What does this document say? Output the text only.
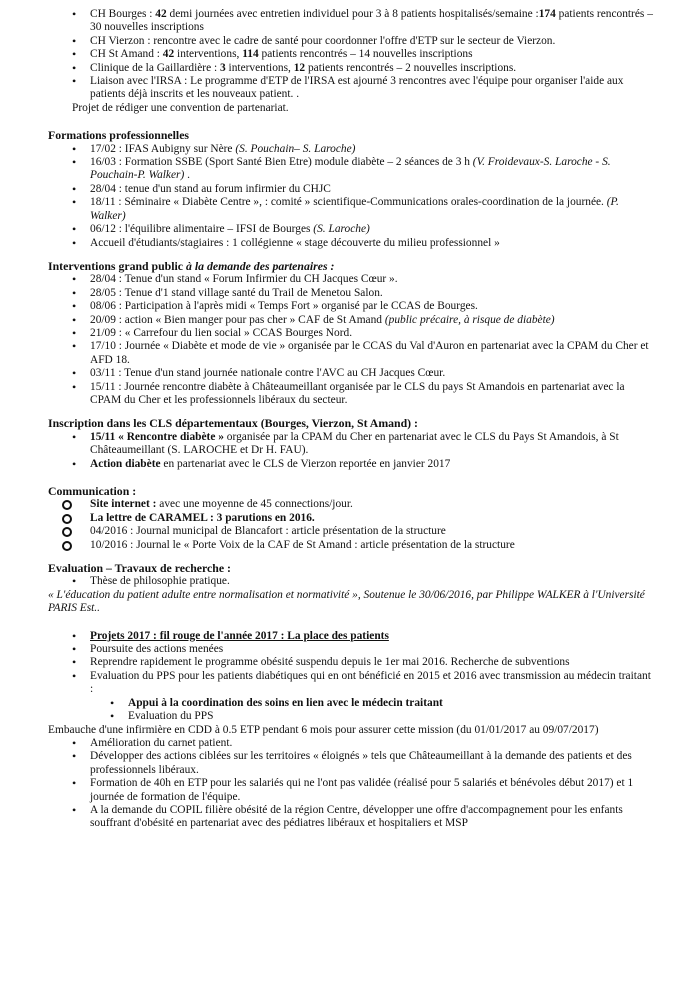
• CH Bourges : 42 demi journées avec entretien individuel pour 3 à 8 patients hospitalisés/semaine :174 patients rencontrés – 30 nouvelles inscriptions
• CH Vierzon : rencontre avec le cadre de santé pour coordonner l'offre d'ETP sur le secteur de Vierzon.
• CH St Amand : 42 interventions, 114 patients rencontrés – 14 nouvelles inscriptions
• Clinique de la Gaillardière : 3 interventions, 12 patients rencontrés – 2 nouvelles inscriptions.
• Liaison avec l'IRSA : Le programme d'ETP de l'IRSA est ajourné 3 rencontres avec l'équipe pour organiser l'aide aux patients déjà inscrits et les nouveaux patient. .

Projet de rédiger une convention de partenariat.

Formations professionnelles

• 17/02 : IFAS Aubigny sur Nère (S. Pouchain– S. Laroche)
• 16/03 : Formation SSBE (Sport Santé Bien Etre) module diabète – 2 séances de 3 h (V. Froidevaux-S. Laroche - S. Pouchain-P. Walker) .
• 28/04 : tenue d'un stand au forum infirmier du CHJC
• 18/11 : Séminaire « Diabète Centre », : comité » scientifique-Communications orales-coordination de la journée. (P. Walker)
• 06/12 : l'équilibre alimentaire – IFSI de Bourges (S. Laroche)
• Accueil d'étudiants/stagiaires : 1 collégienne « stage découverte du milieu professionnel »

Interventions grand public à la demande des partenaires :

• 28/04 : Tenue d'un stand « Forum Infirmier du CH Jacques Cœur ».
• 28/05 : Tenue d'1 stand village santé du Trail de Menetou Salon.
• 08/06 : Participation à l'après midi « Temps Fort » organisé par le CCAS de Bourges.
• 20/09 : action « Bien manger pour pas cher » CAF de St Amand (public précaire, à risque de diabète)
• 21/09 : « Carrefour du lien social » CCAS Bourges Nord.
• 17/10 : Journée « Diabète et mode de vie » organisée par le CCAS du Val d'Auron en partenariat avec la CPAM du Cher et AFD 18.
• 03/11 : Tenue d'un stand journée nationale contre l'AVC au CH Jacques Cœur.
• 15/11 : Journée rencontre diabète à Châteaumeillant organisée par le CLS du pays St Amandois en partenariat avec la CPAM du Cher et les professionnels libéraux du secteur.

Inscription dans les CLS départementaux (Bourges, Vierzon, St Amand) :

• 15/11 « Rencontre diabète » organisée par la CPAM du Cher en partenariat avec le CLS du Pays St Amandois, à St Châteaumeillant (S. LAROCHE et Dr H. FAU).
• Action diabète en partenariat avec le CLS de Vierzon reportée en janvier 2017

Communication :

Site internet : avec une moyenne de 45 connections/jour.
La lettre de CARAMEL : 3 parutions en 2016.
04/2016 : Journal municipal de Blancafort : article présentation de la structure
10/2016 : Journal le « Porte Voix de la CAF de St Amand : article présentation de la structure

Evaluation – Travaux de recherche :

• Thèse de philosophie pratique.

« L'éducation du patient adulte entre normalisation et normativité », Soutenue le 30/06/2016, par Philippe WALKER à l'Université PARIS Est..

• Projets 2017 : fil rouge de l'année 2017 : La place des patients
• Poursuite des actions menées
• Reprendre rapidement le programme obésité suspendu depuis le 1er mai 2016. Recherche de subventions
• Evaluation du PPS pour les patients diabétiques qui en ont bénéficié en 2015 et 2016 avec transmission au médecin traitant :
• Appui à la coordination des soins en lien avec le médecin traitant
• Evaluation du PPS

Embauche d'une infirmière en CDD à 0.5 ETP pendant 6 mois pour assurer cette mission (du 01/01/2017 au 09/07/2017)

• Amélioration du carnet patient.
• Développer des actions ciblées sur les territoires « éloignés » tels que Châteaumeillant à la demande des patients et des professionnels libéraux.
• Formation de 40h en ETP pour les salariés qui ne l'ont pas validée (réalisé pour 5 salariés et bénévoles début 2017) et 1 journée de formation de l'équipe.
• A la demande du COPIL filière obésité de la région Centre, développer une offre d'accompagnement pour les enfants souffrant d'obésité en partenariat avec des pédiatres libéraux et hospitaliers et MSP
